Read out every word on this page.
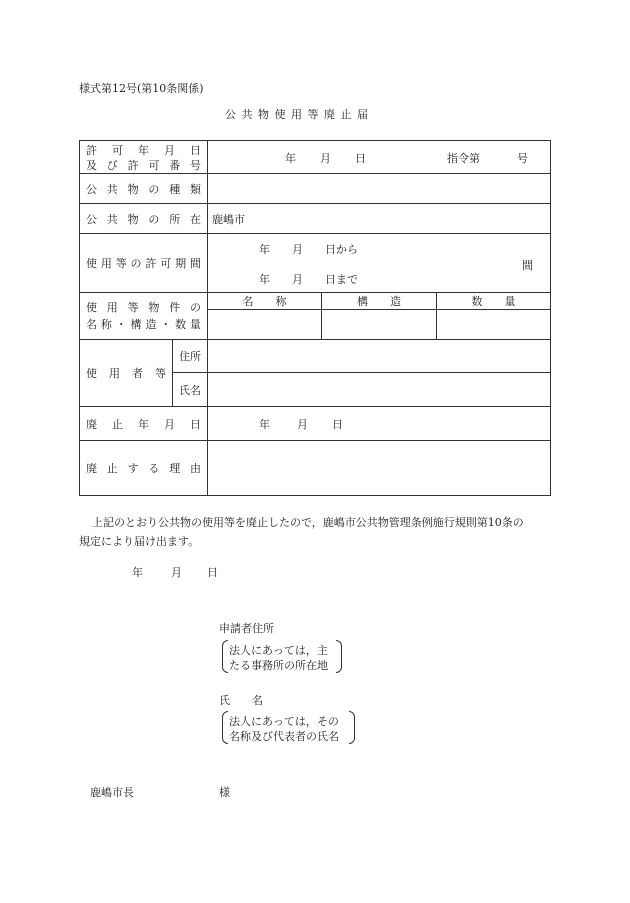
様式第12号(第10条関係)
公 共 物 使 用 等 廃 止 届
許 可 年 月 日
及 び 許 可 番 号
年 月 日	指令第	号
公 共 物 の 種 類
公 共 物 の 所 在 鹿嶋市
使 用 等 の 許 可 期 間
年　　月　　日から
年　　月　　日まで
間
使 用 等 物 件 の
名 称 ・ 構 造 ・ 数 量
名　　称	構　　造	数　　量
使 用 者 等
住所
氏名
廃 止 年 月 日	年 月 日
廃 止 す る 理 由
上記のとおり公共物の使用等を廃止したので，鹿嶋市公共物管理条例施行規則第10条の
規定により届け出ます。
年	月 日
申請者住所
法人にあっては，主
たる事務所の所在地
氏　　名
法人にあっては，その
名称及び代表者の氏名
鹿嶋市長	様
